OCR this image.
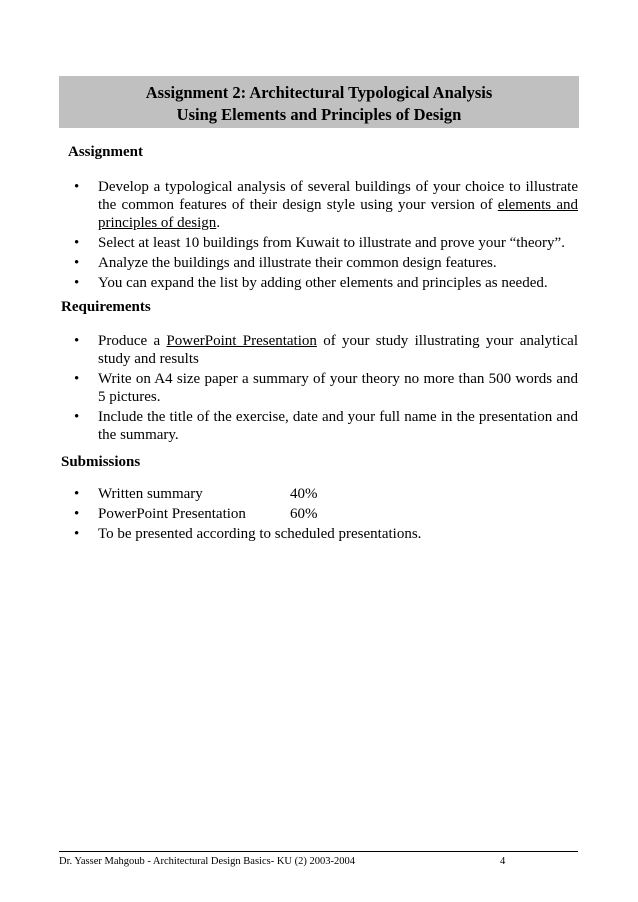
Assignment 2: Architectural Typological Analysis
Using Elements and Principles of Design
Assignment
• Develop a typological analysis of several buildings of your choice to illustrate the common features of their design style using your version of elements and principles of design.
• Select at least 10 buildings from Kuwait to illustrate and prove your “theory”.
• Analyze the buildings and illustrate their common design features.
• You can expand the list by adding other elements and principles as needed.
Requirements
• Produce a PowerPoint Presentation of your study illustrating your analytical study and results
• Write on A4 size paper a summary of your theory no more than 500 words and 5 pictures.
• Include the title of the exercise, date and your full name in the presentation and the summary.
Submissions
• Written summary	40%
• PowerPoint Presentation	60%
• To be presented according to scheduled presentations.
Dr. Yasser Mahgoub - Architectural Design Basics- KU (2) 2003-2004	4
